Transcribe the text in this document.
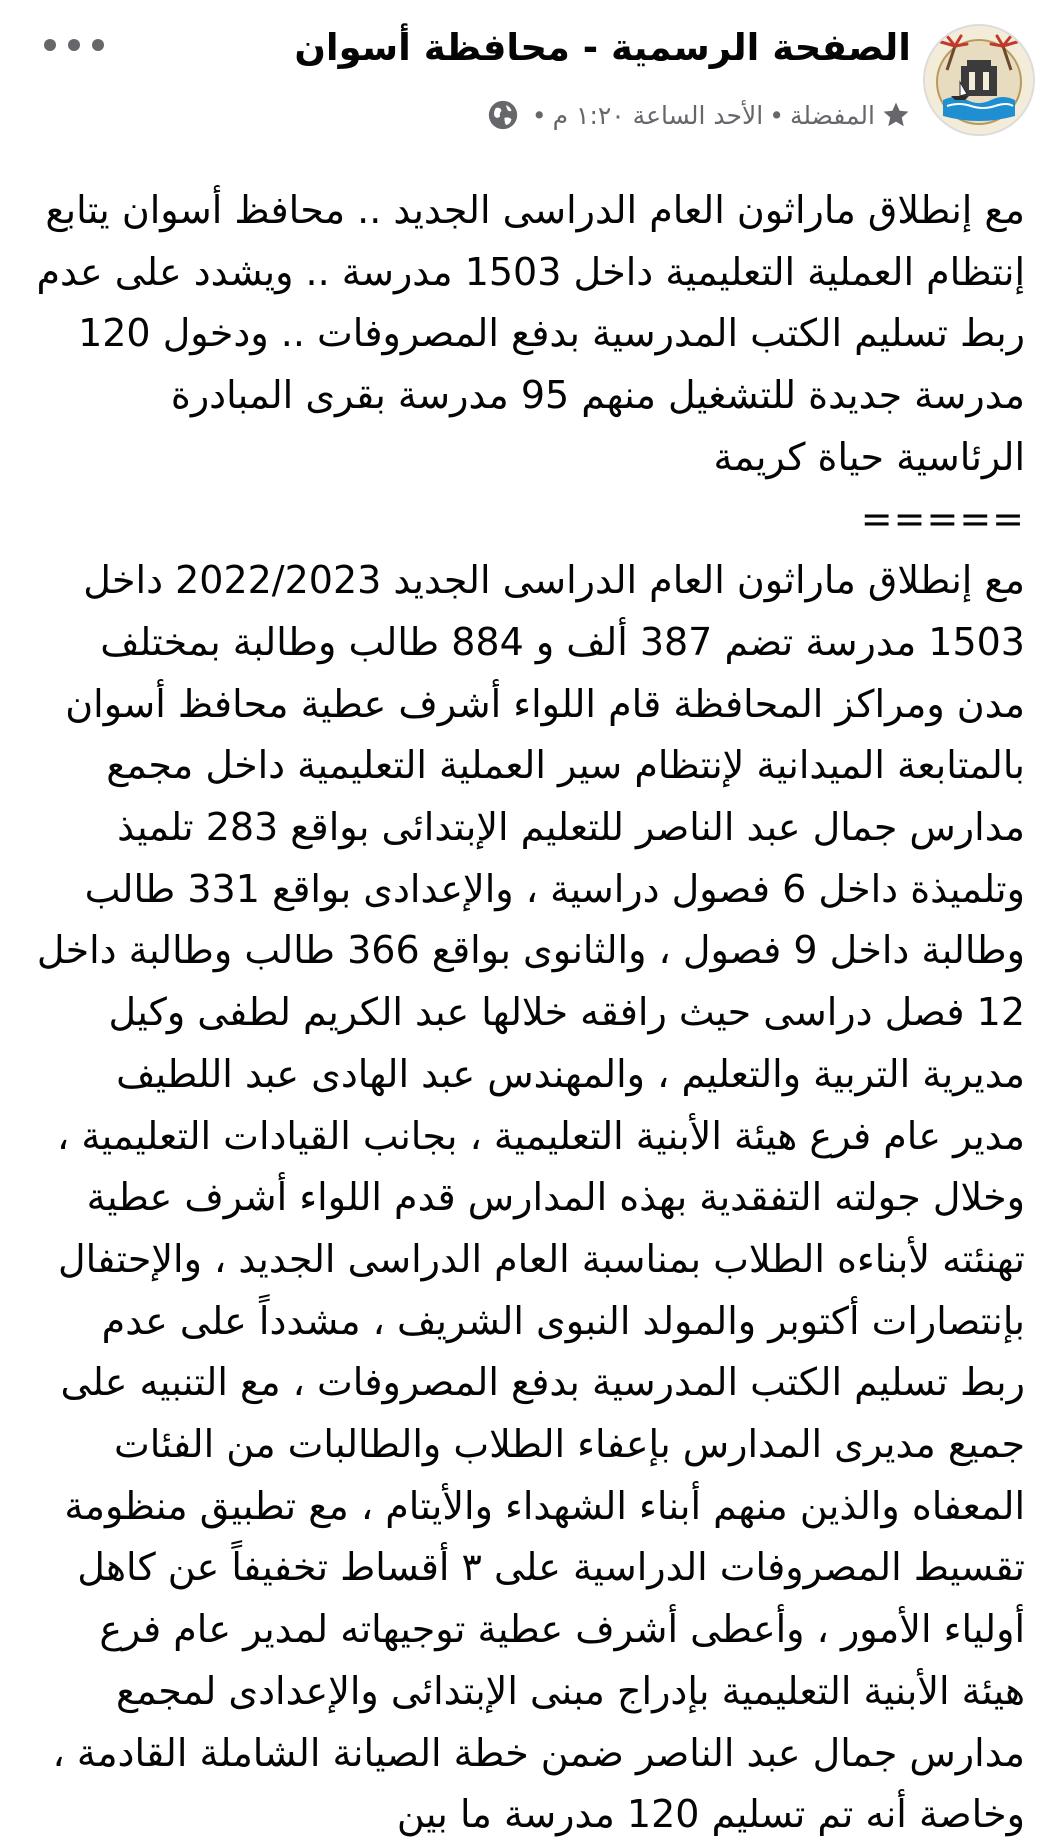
الصفحة الرسمية - محافظة أسوان
المفضلة
•
الأحد الساعة ١:٢٠ م
•

مع إنطلاق ماراثون العام الدراسى الجديد .. محافظ أسوان يتابع إنتظام العملية التعليمية داخل 1503 مدرسة .. ويشدد على عدم ربط تسليم الكتب المدرسية بدفع المصروفات .. ودخول 120 مدرسة جديدة للتشغيل منهم 95 مدرسة بقرى المبادرة الرئاسية حياة كريمة

=====

مع إنطلاق ماراثون العام الدراسى الجديد 2022/2023 داخل 1503 مدرسة تضم 387 ألف و 884 طالب وطالبة بمختلف مدن ومراكز المحافظة قام اللواء أشرف عطية محافظ أسوان بالمتابعة الميدانية لإنتظام سير العملية التعليمية داخل مجمع مدارس جمال عبد الناصر للتعليم الإبتدائى بواقع 283 تلميذ وتلميذة داخل 6 فصول دراسية ، والإعدادى بواقع 331 طالب وطالبة داخل 9 فصول ، والثانوى بواقع 366 طالب وطالبة داخل 12 فصل دراسى حيث رافقه خلالها عبد الكريم لطفى وكيل مديرية التربية والتعليم ، والمهندس عبد الهادى عبد اللطيف مدير عام فرع هيئة الأبنية التعليمية ، بجانب القيادات التعليمية ، وخلال جولته التفقدية بهذه المدارس قدم اللواء أشرف عطية تهنئته لأبناءه الطلاب بمناسبة العام الدراسى الجديد ، والإحتفال بإنتصارات أكتوبر والمولد النبوى الشريف ، مشدداً على عدم ربط تسليم الكتب المدرسية بدفع المصروفات ، مع التنبيه على جميع مديرى المدارس بإعفاء الطلاب والطالبات من الفئات المعفاه والذين منهم أبناء الشهداء والأيتام ، مع تطبيق منظومة تقسيط المصروفات الدراسية على ٣ أقساط تخفيفاً عن كاهل أولياء الأمور ، وأعطى أشرف عطية توجيهاته لمدير عام فرع هيئة الأبنية التعليمية بإدراج مبنى الإبتدائى والإعدادى لمجمع مدارس جمال عبد الناصر ضمن خطة الصيانة الشاملة القادمة ، وخاصة أنه تم تسليم 120 مدرسة ما بين
